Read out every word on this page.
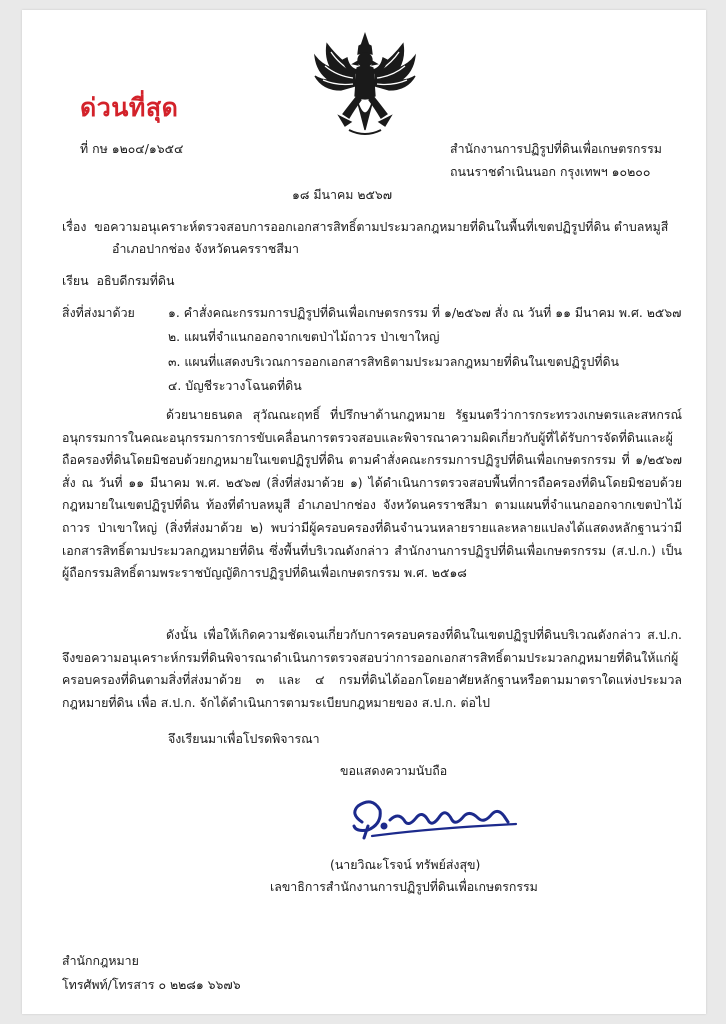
ด่วนที่สุด
ที่ กษ ๑๒๐๔/๑๖๕๔	สำนักงานการปฏิรูปที่ดินเพื่อเกษตรกรรม
ถนนราชดำเนินนอก กรุงเทพฯ ๑๐๒๐๐
๑๘ มีนาคม ๒๕๖๗
เรื่อง ขอความอนุเคราะห์ตรวจสอบการออกเอกสารสิทธิ์ตามประมวลกฎหมายที่ดินในพื้นที่เขตปฏิรูปที่ดิน ตำบลหมูสี
อำเภอปากช่อง จังหวัดนครราชสีมา
เรียน อธิบดีกรมที่ดิน
สิ่งที่ส่งมาด้วย	๑. คำสั่งคณะกรรมการปฏิรูปที่ดินเพื่อเกษตรกรรม ที่ ๑/๒๕๖๗ สั่ง ณ วันที่ ๑๑ มีนาคม พ.ศ. ๒๕๖๗
๒. แผนที่จำแนกออกจากเขตป่าไม้ถาวร ป่าเขาใหญ่
๓. แผนที่แสดงบริเวณการออกเอกสารสิทธิตามประมวลกฎหมายที่ดินในเขตปฏิรูปที่ดิน
๔. บัญชีระวางโฉนดที่ดิน
ด้วยนายธนดล สุวัณณะฤทธิ์ ที่ปรึกษาด้านกฎหมาย รัฐมนตรีว่าการกระทรวงเกษตรและสหกรณ์ อนุกรรมการในคณะอนุกรรมการการขับเคลื่อนการตรวจสอบและพิจารณาความผิดเกี่ยวกับผู้ที่ได้รับการจัดที่ดินและผู้ถือครองที่ดินโดยมิชอบด้วยกฎหมายในเขตปฏิรูปที่ดิน ตามคำสั่งคณะกรรมการปฏิรูปที่ดินเพื่อเกษตรกรรม ที่ ๑/๒๕๖๗ สั่ง ณ วันที่ ๑๑ มีนาคม พ.ศ. ๒๕๖๗ (สิ่งที่ส่งมาด้วย ๑) ได้ดำเนินการตรวจสอบพื้นที่การถือครองที่ดินโดยมิชอบด้วยกฎหมายในเขตปฏิรูปที่ดิน ท้องที่ตำบลหมูสี อำเภอปากช่อง จังหวัดนครราชสีมา ตามแผนที่จำแนกออกจากเขตป่าไม้ถาวร ป่าเขาใหญ่ (สิ่งที่ส่งมาด้วย ๒) พบว่ามีผู้ครอบครองที่ดินจำนวนหลายรายและหลายแปลงได้แสดงหลักฐานว่ามีเอกสารสิทธิ์ตามประมวลกฎหมายที่ดิน ซึ่งพื้นที่บริเวณดังกล่าว สำนักงานการปฏิรูปที่ดินเพื่อเกษตรกรรม (ส.ป.ก.) เป็นผู้ถือกรรมสิทธิ์ตามพระราชบัญญัติการปฏิรูปที่ดินเพื่อเกษตรกรรม พ.ศ. ๒๕๑๘
ดังนั้น เพื่อให้เกิดความชัดเจนเกี่ยวกับการครอบครองที่ดินในเขตปฏิรูปที่ดินบริเวณดังกล่าว ส.ป.ก. จึงขอความอนุเคราะห์กรมที่ดินพิจารณาดำเนินการตรวจสอบว่าการออกเอกสารสิทธิ์ตามประมวลกฎหมายที่ดินให้แก่ผู้ครอบครองที่ดินตามสิ่งที่ส่งมาด้วย ๓ และ ๔ กรมที่ดินได้ออกโดยอาศัยหลักฐานหรือตามมาตราใดแห่งประมวลกฎหมายที่ดิน เพื่อ ส.ป.ก. จักได้ดำเนินการตามระเบียบกฎหมายของ ส.ป.ก. ต่อไป
จึงเรียนมาเพื่อโปรดพิจารณา
ขอแสดงความนับถือ
(นายวิณะโรจน์ ทรัพย์ส่งสุข)
เลขาธิการสำนักงานการปฏิรูปที่ดินเพื่อเกษตรกรรม
สำนักกฎหมาย
โทรศัพท์/โทรสาร ๐ ๒๒๘๑ ๖๖๗๖
